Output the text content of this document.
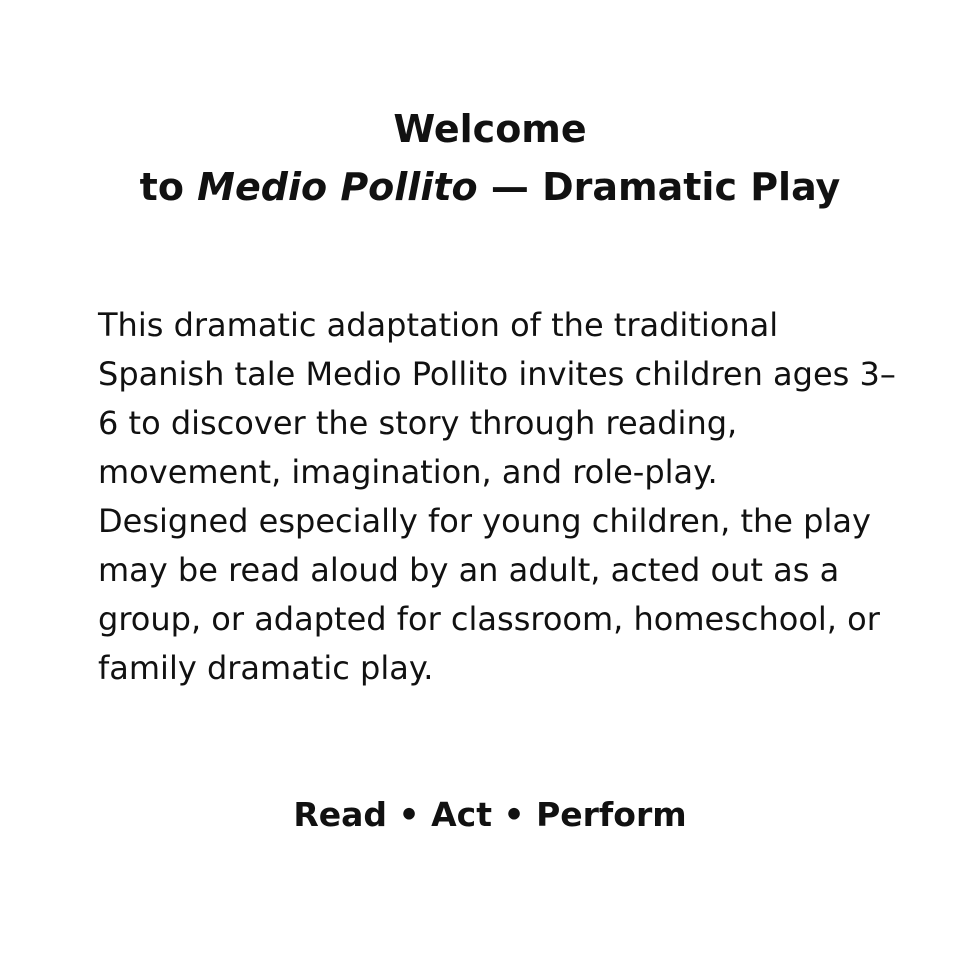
Welcome
to Medio Pollito — Dramatic Play

This dramatic adaptation of the traditional Spanish tale Medio Pollito invites children ages 3–6 to discover the story through reading, movement, imagination, and role-play.

Designed especially for young children, the play may be read aloud by an adult, acted out as a group, or adapted for classroom, homeschool, or family dramatic play.

Read • Act • Perform
